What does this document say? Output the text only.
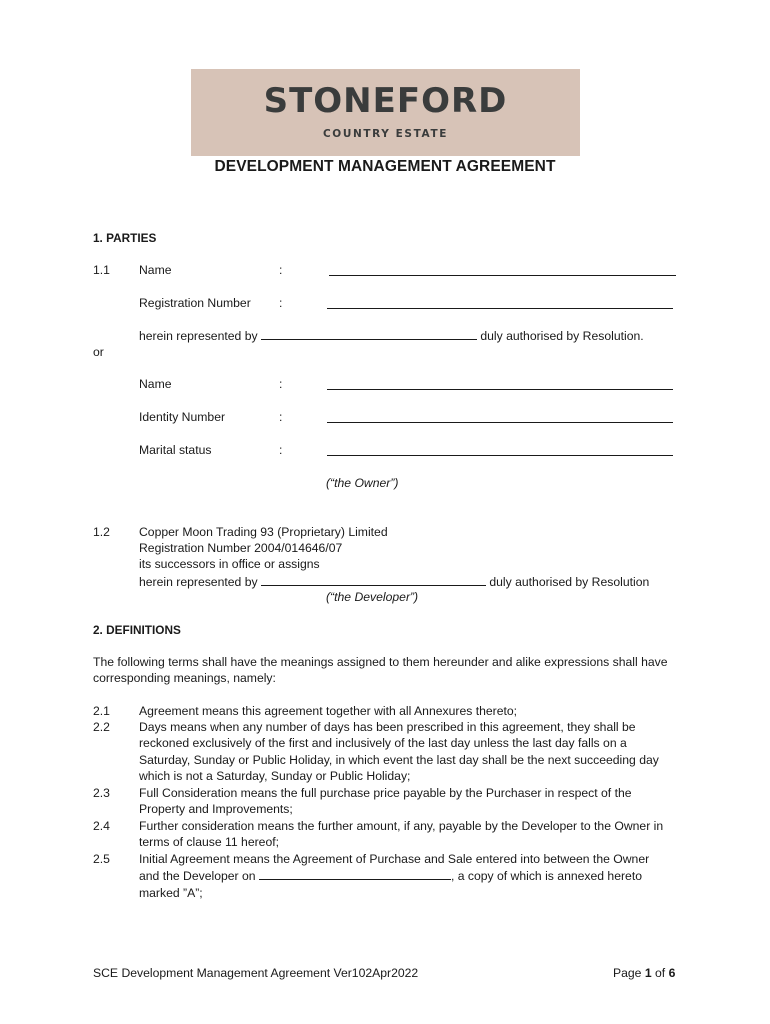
STONEFORD
COUNTRY ESTATE
DEVELOPMENT MANAGEMENT AGREEMENT
1. PARTIES
1.1 Name	:
Registration Number :
herein represented by	duly authorised by Resolution.
or
Name	:
Identity Number	:
Marital status	:
(“the Owner”)
1.2 Copper Moon Trading 93 (Proprietary) Limited
Registration Number 2004/014646/07
its successors in office or assigns
herein represented by	duly authorised by Resolution
(“the Developer”)
2. DEFINITIONS
The following terms shall have the meanings assigned to them hereunder and alike expressions shall have corresponding meanings, namely:
2.1 Agreement means this agreement together with all Annexures thereto;
2.2 Days means when any number of days has been prescribed in this agreement, they shall be reckoned exclusively of the first and inclusively of the last day unless the last day falls on a Saturday, Sunday or Public Holiday, in which event the last day shall be the next succeeding day which is not a Saturday, Sunday or Public Holiday;
2.3 Full Consideration means the full purchase price payable by the Purchaser in respect of the Property and Improvements;
2.4 Further consideration means the further amount, if any, payable by the Developer to the Owner in terms of clause 11 hereof;
2.5 Initial Agreement means the Agreement of Purchase and Sale entered into between the Owner and the Developer on	, a copy of which is annexed hereto marked ”A”;
SCE Development Management Agreement Ver102Apr2022	Page 1 of 6
